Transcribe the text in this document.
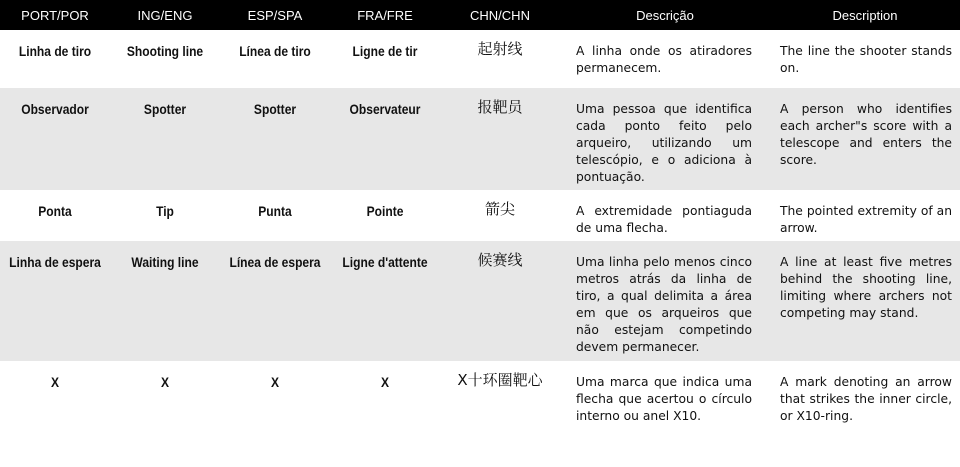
PORT/POR	ING/ENG	ESP/SPA	FRA/FRE	CHN/CHN	Descrição	Description

Linha de tiro	Shooting line	Línea de tiro	Ligne de tir	起射线	A linha onde os atiradores permanecem.	The line the shooter stands on.

Observador	Spotter	Spotter	Observateur	报靶员	Uma pessoa que identifica cada ponto feito pelo arqueiro, utilizando um telescópio, e o adiciona à pontuação.	A person who identifies each archer"s score with a telescope and enters the score.

Ponta	Tip	Punta	Pointe	箭尖	A extremidade pontiaguda de uma flecha.	The pointed extremity of an arrow.

Linha de espera	Waiting line	Línea de espera	Ligne d'attente	候赛线	Uma linha pelo menos cinco metros atrás da linha de tiro, a qual delimita a área em que os arqueiros que não estejam competindo devem permanecer.	A line at least five metres behind the shooting line, limiting where archers not competing may stand.

X	X	X	X	X十环圈靶心	Uma marca que indica uma flecha que acertou o círculo interno ou anel X10.	A mark denoting an arrow that strikes the inner circle, or X10-ring.
